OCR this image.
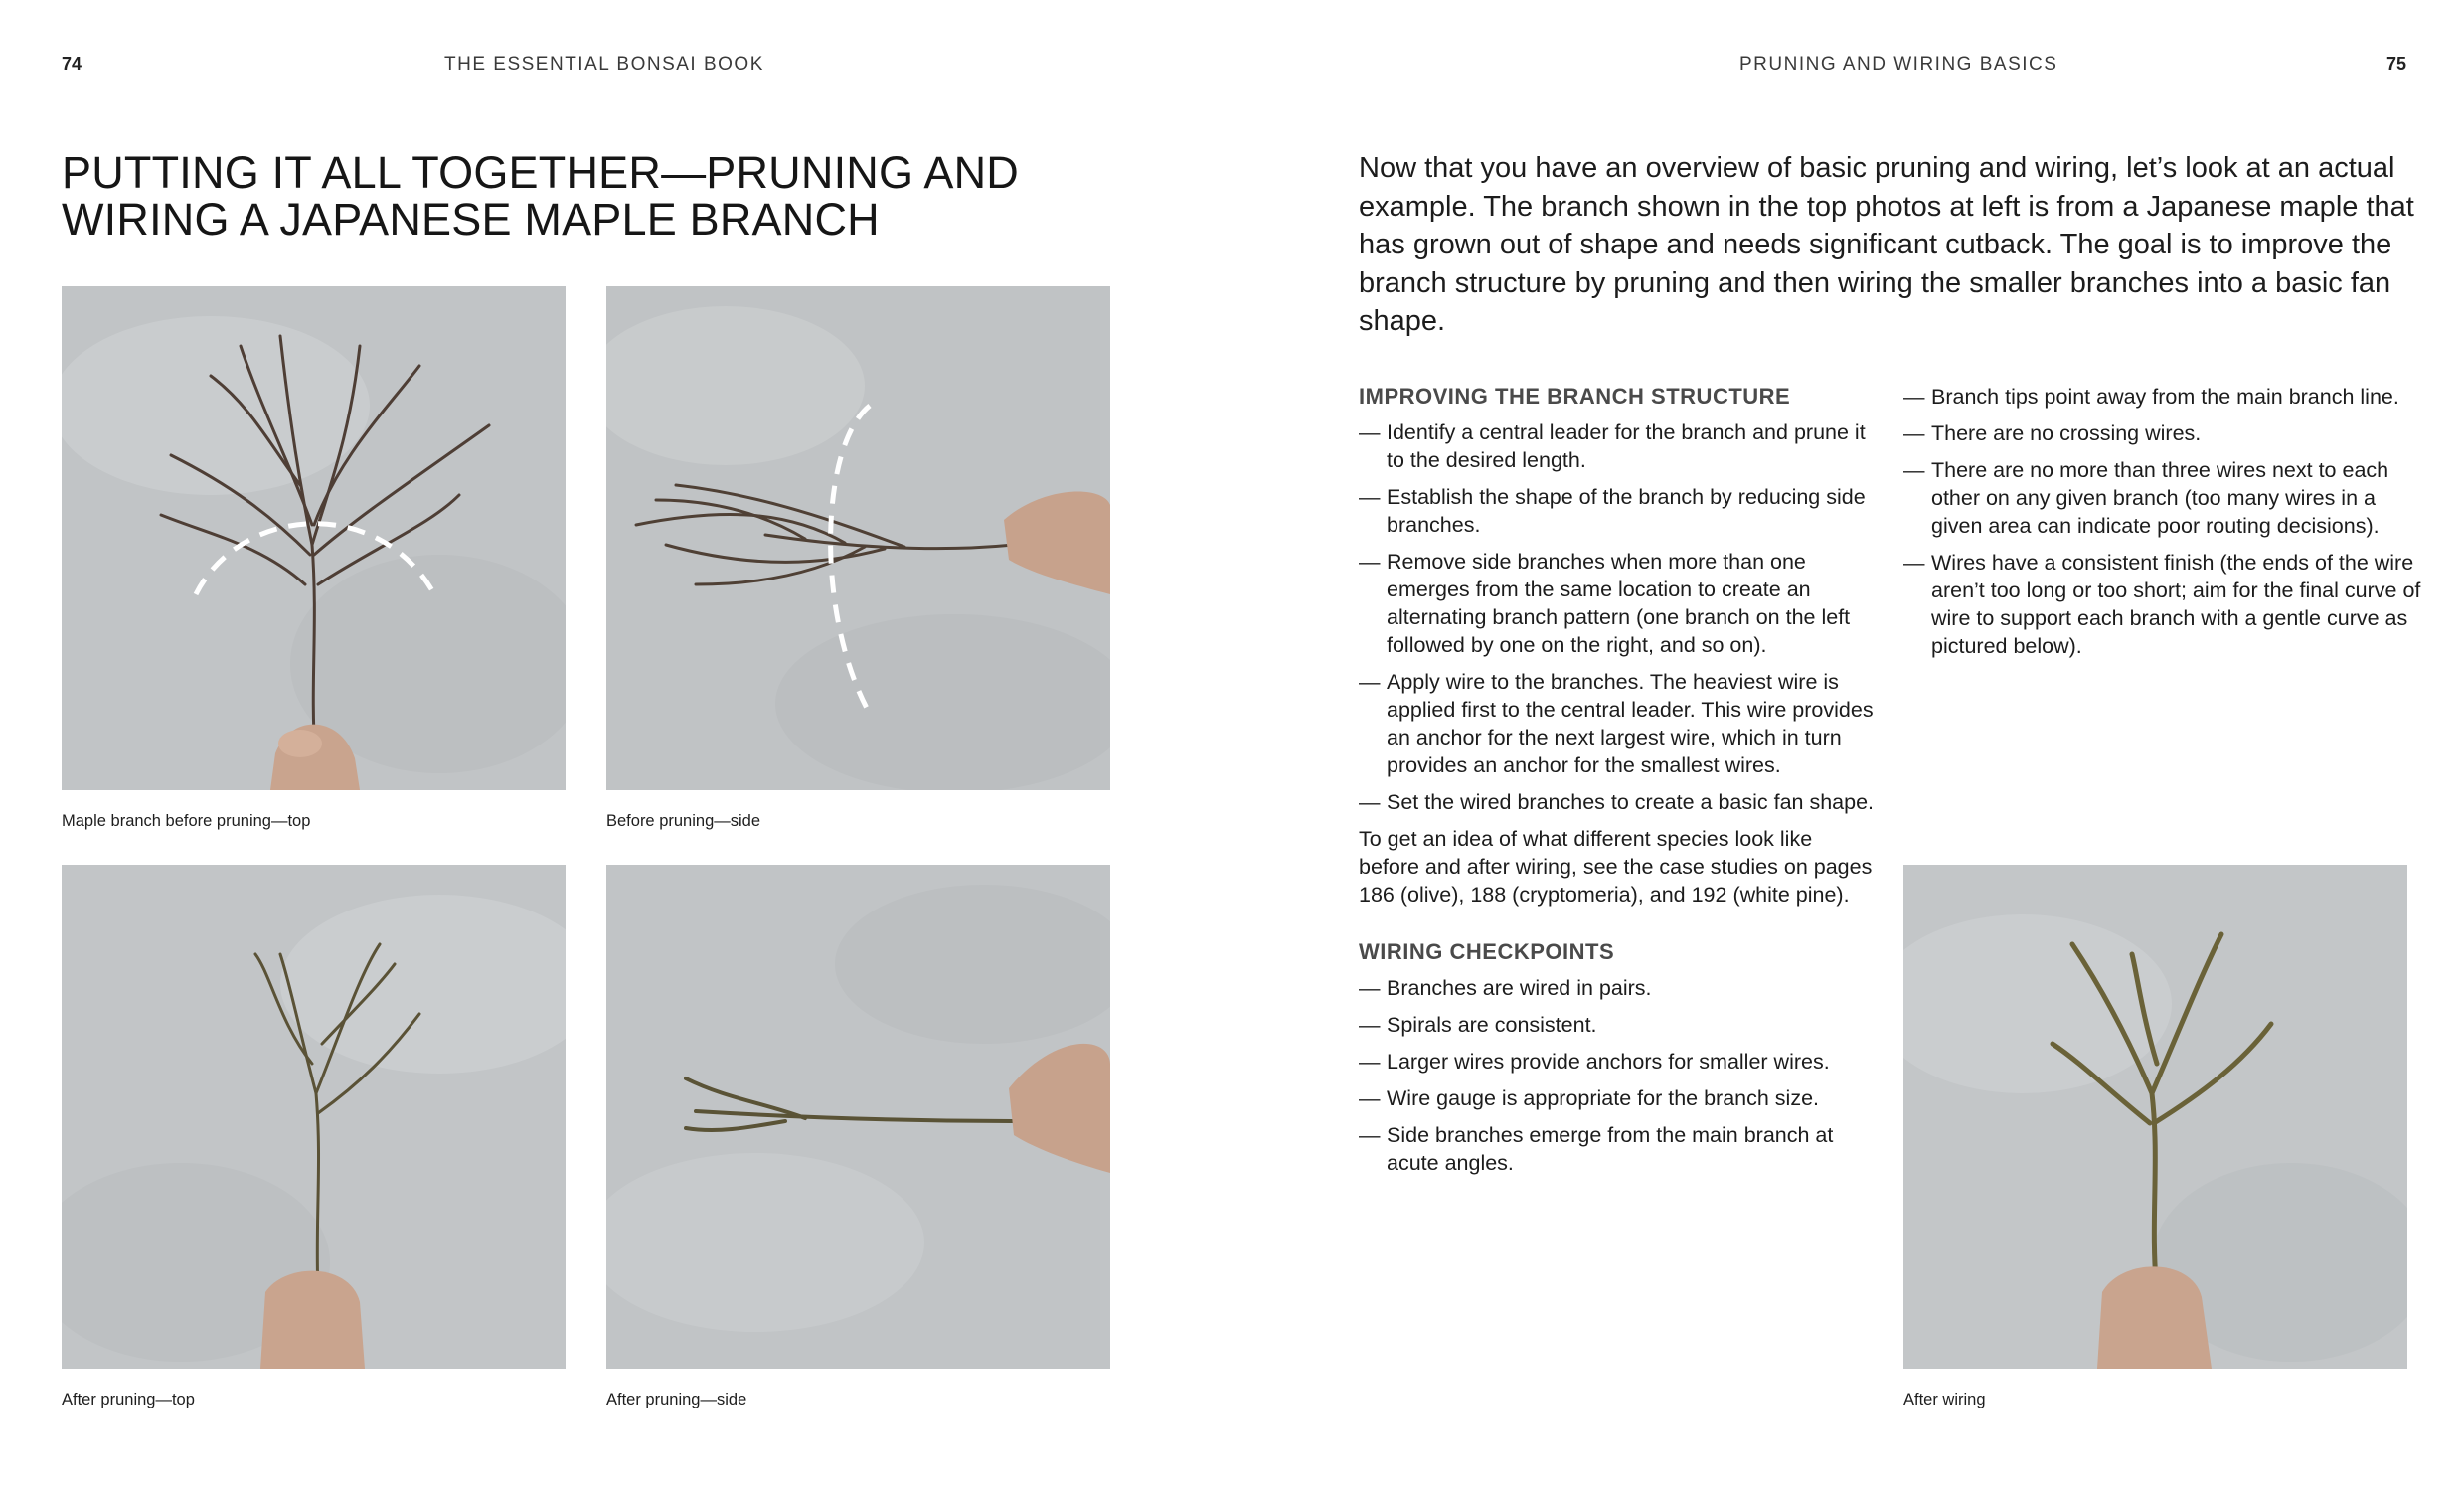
74	THE ESSENTIAL BONSAI BOOK	PRUNING AND WIRING BASICS	75
PUTTING IT ALL TOGETHER—PRUNING AND
WIRING A JAPANESE MAPLE BRANCH
Maple branch before pruning—top	Before pruning—side
After pruning—top	After pruning—side
Now that you have an overview of basic pruning and wiring, let’s look at an actual example. The branch shown in the top photos at left is from a Japanese maple that has grown out of shape and needs significant cutback. The goal is to improve the branch structure by pruning and then wiring the smaller branches into a basic fan shape.
IMPROVING THE BRANCH STRUCTURE
— Identify a central leader for the branch and prune it to the desired length.
— Establish the shape of the branch by reducing side branches.
— Remove side branches when more than one emerges from the same location to create an alternating branch pattern (one branch on the left followed by one on the right, and so on).
— Apply wire to the branches. The heaviest wire is applied first to the central leader. This wire provides an anchor for the next largest wire, which in turn provides an anchor for the smallest wires.
— Set the wired branches to create a basic fan shape.

To get an idea of what different species look like before and after wiring, see the case studies on pages 186 (olive), 188 (cryptomeria), and 192 (white pine).

WIRING CHECKPOINTS
— Branches are wired in pairs.
— Spirals are consistent.
— Larger wires provide anchors for smaller wires.
— Wire gauge is appropriate for the branch size.
— Side branches emerge from the main branch at acute angles.
— Branch tips point away from the main branch line.
— There are no crossing wires.
— There are no more than three wires next to each other on any given branch (too many wires in a given area can indicate poor routing decisions).
— Wires have a consistent finish (the ends of the wire aren’t too long or too short; aim for the final curve of wire to support each branch with a gentle curve as pictured below).
After wiring
